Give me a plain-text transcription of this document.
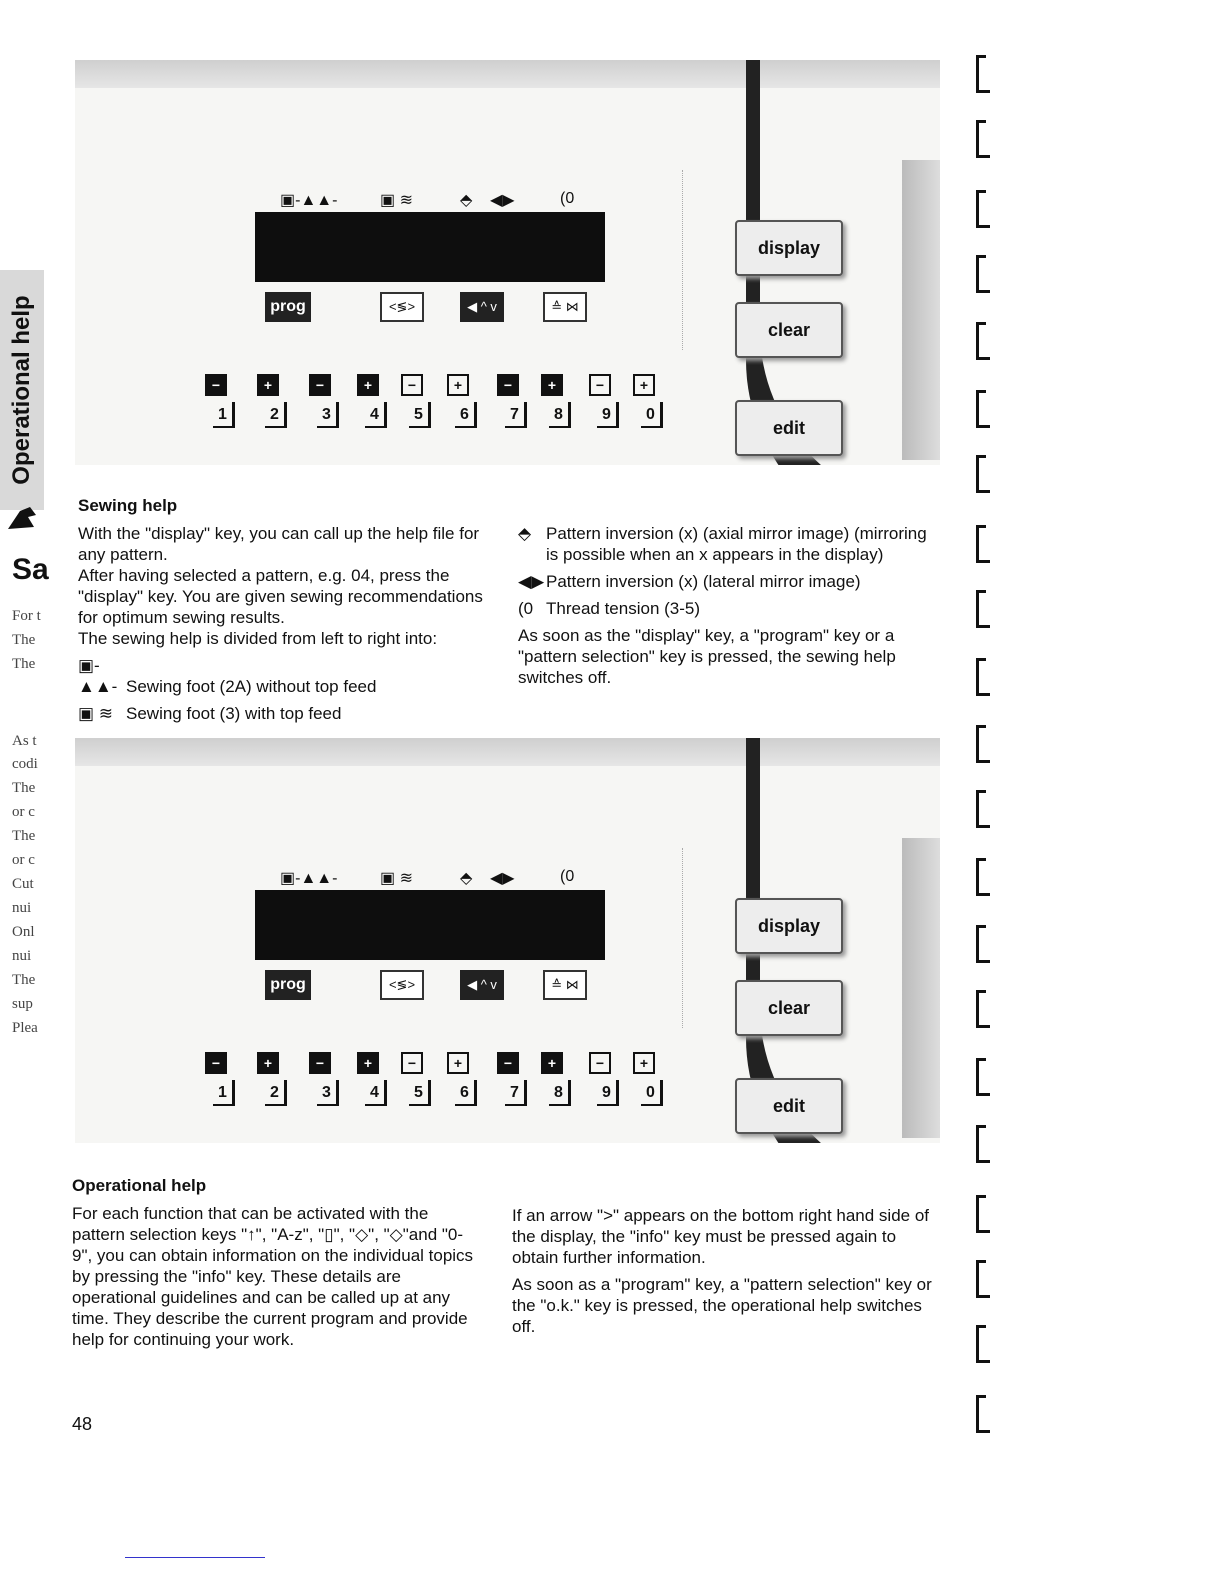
Operational help
Sa
For t
The
The
As t
codi
The
or c
The
or c
Cut
nui
Onl
nui
The
sup
Plea
▣-▲▲-	▣ ≋	⬘ ◀▶	(0
prog	<≶>	◀ ^ v	≙ ⋈
display
clear
edit
−
1
+
2
−
3
+
4
−
5
+
6
−
7
+
8
−
9
+
0
Sewing help

With the "display" key, you can call up the help file for any pattern.

After having selected a pattern, e.g. 04, press the "display" key. You are given sewing recommendations for optimum sewing results.

The sewing help is divided from left to right into:

▣-▲▲- Sewing foot (2A) without top feed

▣ ≋ Sewing foot (3) with top feed

⬘ Pattern inversion (x) (axial mirror image) (mirroring is possible when an x appears in the display)

◀▶ Pattern inversion (x) (lateral mirror image)

(0 Thread tension (3-5)

As soon as the "display" key, a "program" key or a "pattern selection" key is pressed, the sewing help switches off.

▣-▲▲-	▣ ≋	⬘ ◀▶	(0
prog	<≶>	◀ ^ v	≙ ⋈
display
clear
edit
−
1
+
2
−
3
+
4
−
5
+
6
−
7
+
8
−
9
+
0
Operational help

For each function that can be activated with the pattern selection keys "↑", "A-z", "▯", "◇", "◇"and "0-9", you can obtain information on the individual topics by pressing the "info" key. These details are operational guidelines and can be called up at any time. They describe the current program and provide help for continuing your work.

If an arrow ">" appears on the bottom right hand side of the display, the "info" key must be pressed again to obtain further information.

As soon as a "program" key, a "pattern selection" key or the "o.k." key is pressed, the operational help switches off.

48
